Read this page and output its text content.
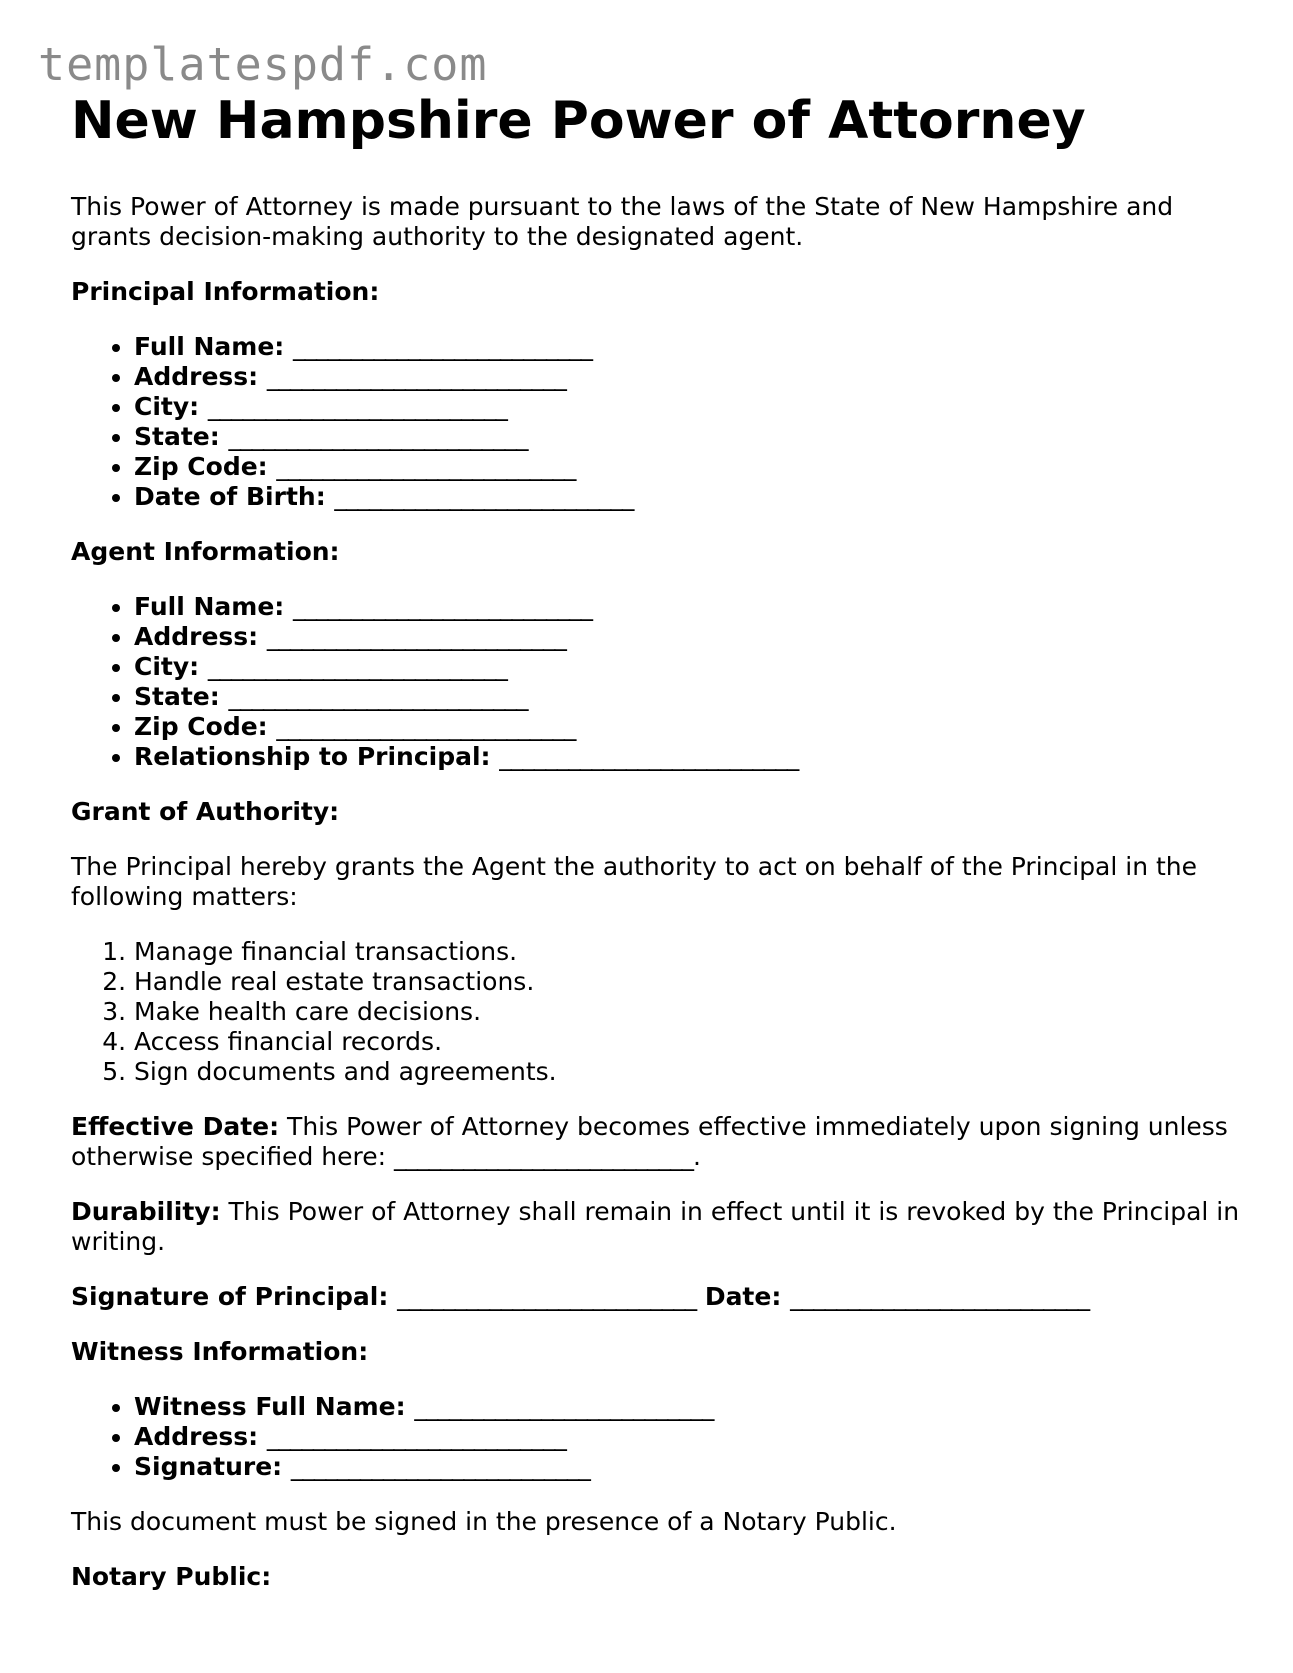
templatespdf.com
New Hampshire Power of Attorney

This Power of Attorney is made pursuant to the laws of the State of New Hampshire and grants decision-making authority to the designated agent.

Principal Information:

• Full Name: __________________________
• Address: __________________________
• City: __________________________
• State: __________________________
• Zip Code: __________________________
• Date of Birth: __________________________

Agent Information:

• Full Name: __________________________
• Address: __________________________
• City: __________________________
• State: __________________________
• Zip Code: __________________________
• Relationship to Principal: __________________________

Grant of Authority:

The Principal hereby grants the Agent the authority to act on behalf of the Principal in the following matters:

1. Manage financial transactions.
2. Handle real estate transactions.
3. Make health care decisions.
4. Access financial records.
5. Sign documents and agreements.

Effective Date: This Power of Attorney becomes effective immediately upon signing unless otherwise specified here: __________________________.

Durability: This Power of Attorney shall remain in effect until it is revoked by the Principal in writing.

Signature of Principal: __________________________ Date: __________________________

Witness Information:

• Witness Full Name: __________________________
• Address: __________________________
• Signature: __________________________

This document must be signed in the presence of a Notary Public.

Notary Public:
